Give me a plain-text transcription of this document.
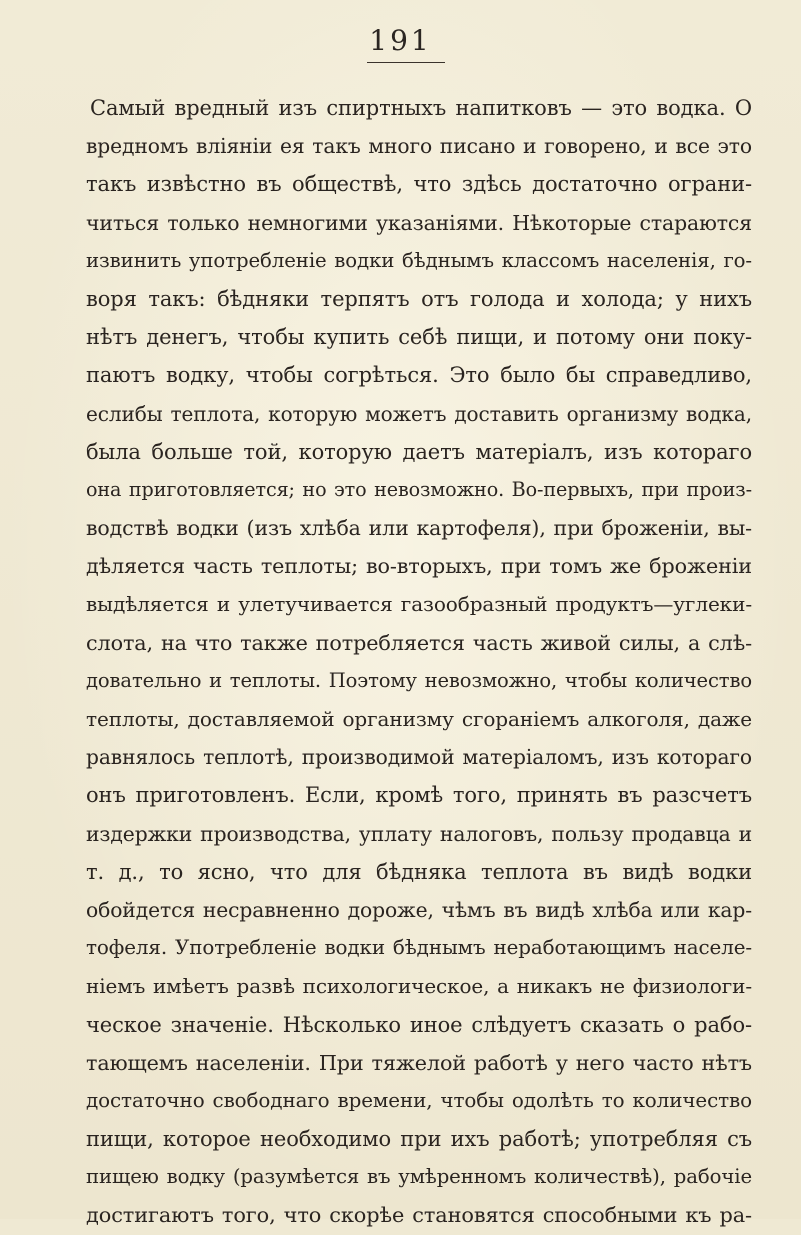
191
Самый вредный изъ спиртныхъ напитковъ — это водка. О
вредномъ вліяніи ея такъ много писано и говорено, и все это
такъ извѣстно въ обществѣ, что здѣсь достаточно ограни-
читься только немногими указаніями. Нѣкоторые стараются
извинить употребленіе водки бѣднымъ классомъ населенія, го-
воря такъ: бѣдняки терпятъ отъ голода и холода; у нихъ
нѣтъ денегъ, чтобы купить себѣ пищи, и потому они поку-
паютъ водку, чтобы согрѣться. Это было бы справедливо,
еслибы теплота, которую можетъ доставить организму водка,
была больше той, которую даетъ матеріалъ, изъ котораго
она приготовляется; но это невозможно. Во-первыхъ, при произ-
водствѣ водки (изъ хлѣба или картофеля), при броженіи, вы-
дѣляется часть теплоты; во-вторыхъ, при томъ же броженіи
выдѣляется и улетучивается газообразный продуктъ—углеки-
слота, на что также потребляется часть живой силы, а слѣ-
довательно и теплоты. Поэтому невозможно, чтобы количество
теплоты, доставляемой организму сгораніемъ алкоголя, даже
равнялось теплотѣ, производимой матеріаломъ, изъ котораго
онъ приготовленъ. Если, кромѣ того, принять въ разсчетъ
издержки производства, уплату налоговъ, пользу продавца и
т. д., то ясно, что для бѣдняка теплота въ видѣ водки
обойдется несравненно дороже, чѣмъ въ видѣ хлѣба или кар-
тофеля. Употребленіе водки бѣднымъ неработающимъ населе-
ніемъ имѣетъ развѣ психологическое, а никакъ не физиологи-
ческое значеніе. Нѣсколько иное слѣдуетъ сказать о рабо-
тающемъ населеніи. При тяжелой работѣ у него часто нѣтъ
достаточно свободнаго времени, чтобы одолѣть то количество
пищи, которое необходимо при ихъ работѣ; употребляя съ
пищею водку (разумѣется въ умѣренномъ количествѣ), рабочіе
достигаютъ того, что скорѣе становятся способными къ ра-
